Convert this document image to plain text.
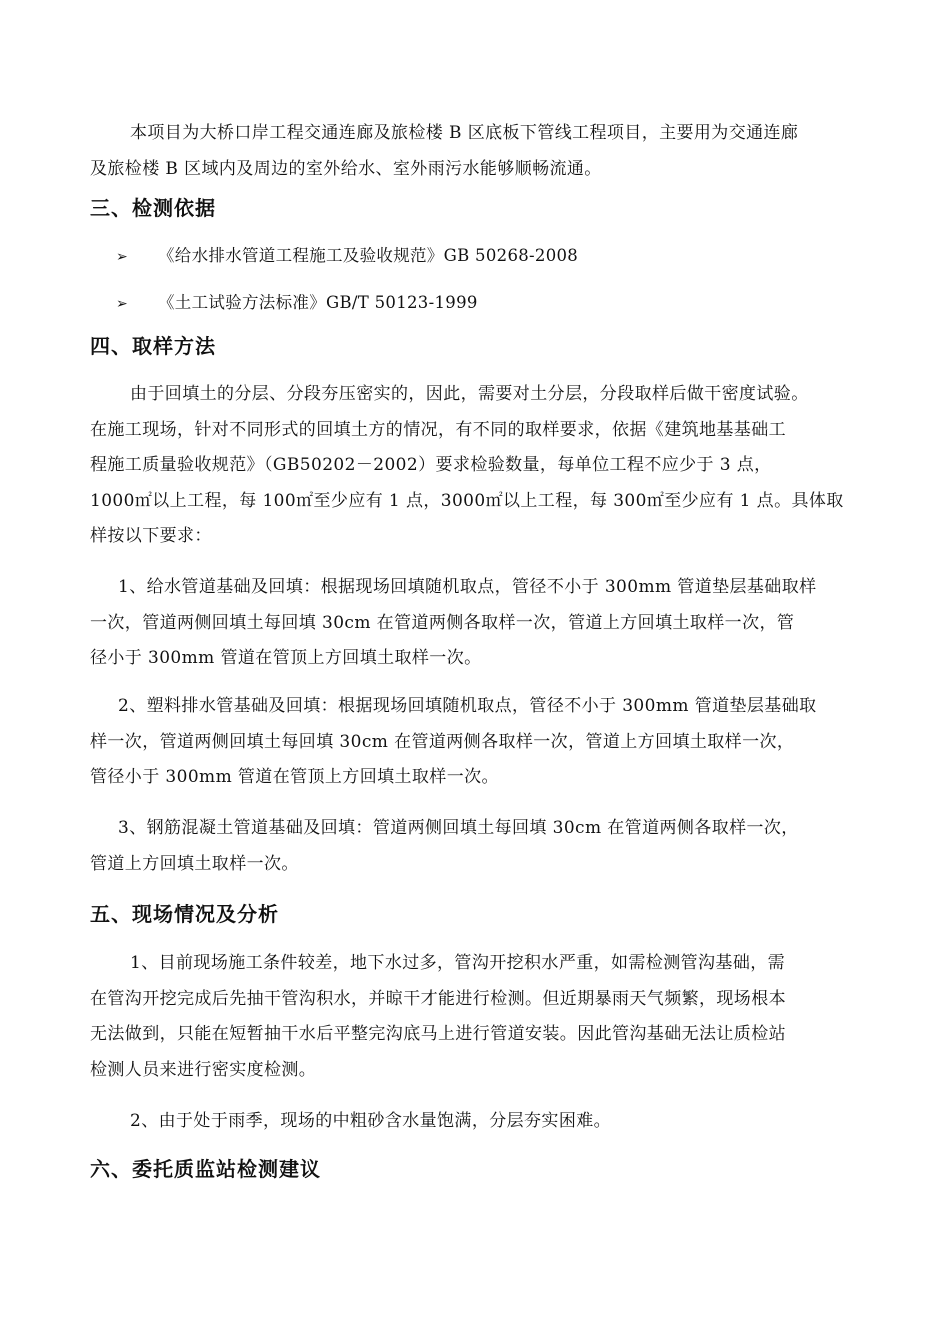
本项目为大桥口岸工程交通连廊及旅检楼 B 区底板下管线工程项目，主要用为交通连廊
及旅检楼 B 区域内及周边的室外给水、室外雨污水能够顺畅流通。
三、检测依据
➢ 《给水排水管道工程施工及验收规范》GB 50268-2008
➢ 《土工试验方法标准》GB/T 50123-1999
四、取样方法
由于回填土的分层、分段夯压密实的，因此，需要对土分层，分段取样后做干密度试验。
在施工现场，针对不同形式的回填土方的情况，有不同的取样要求，依据《建筑地基基础工
程施工质量验收规范》（GB50202－2002）要求检验数量，每单位工程不应少于 3 点，
1000㎡以上工程，每 100㎡至少应有 1 点，3000㎡以上工程，每 300㎡至少应有 1 点。具体取
样按以下要求：
1、给水管道基础及回填：根据现场回填随机取点，管径不小于 300mm 管道垫层基础取样
一次，管道两侧回填土每回填 30cm 在管道两侧各取样一次，管道上方回填土取样一次，管
径小于 300mm 管道在管顶上方回填土取样一次。
2、塑料排水管基础及回填：根据现场回填随机取点，管径不小于 300mm 管道垫层基础取
样一次，管道两侧回填土每回填 30cm 在管道两侧各取样一次，管道上方回填土取样一次，
管径小于 300mm 管道在管顶上方回填土取样一次。
3、钢筋混凝土管道基础及回填：管道两侧回填土每回填 30cm 在管道两侧各取样一次，
管道上方回填土取样一次。
五、现场情况及分析
1、目前现场施工条件较差，地下水过多，管沟开挖积水严重，如需检测管沟基础，需
在管沟开挖完成后先抽干管沟积水，并晾干才能进行检测。但近期暴雨天气频繁，现场根本
无法做到，只能在短暂抽干水后平整完沟底马上进行管道安装。因此管沟基础无法让质检站
检测人员来进行密实度检测。
2、由于处于雨季，现场的中粗砂含水量饱满，分层夯实困难。
六、委托质监站检测建议
